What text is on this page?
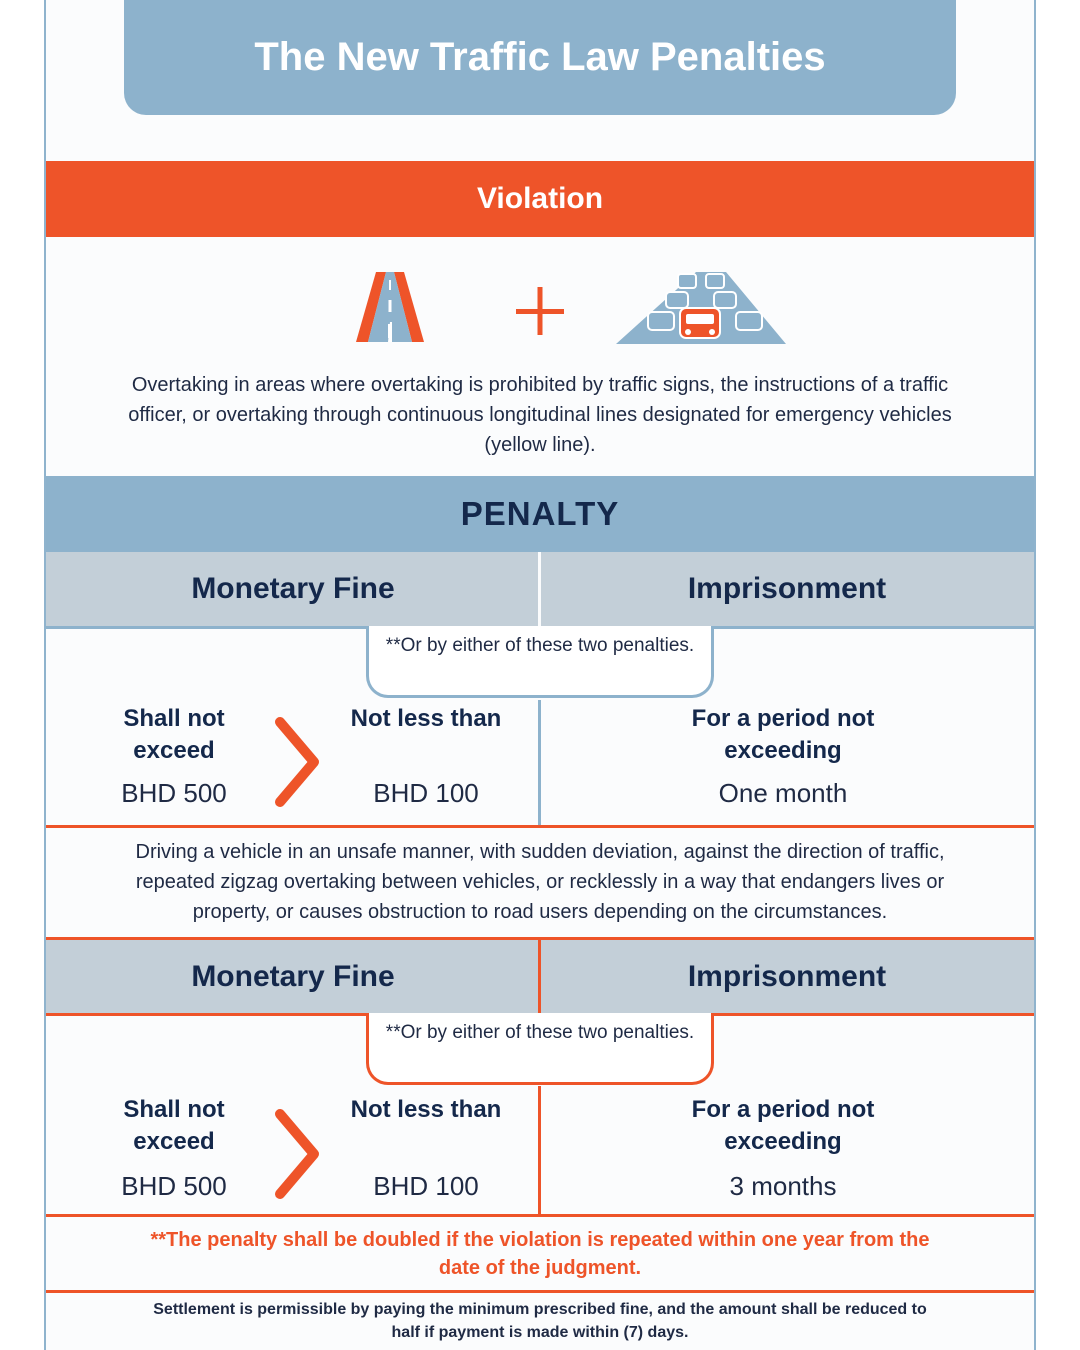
The New Traffic Law Penalties
Violation
Overtaking in areas where overtaking is prohibited by traffic signs, the instructions of a traffic officer, or overtaking through continuous longitudinal lines designated for emergency vehicles (yellow line).
PENALTY
Monetary Fine	Imprisonment
**Or by either of these two penalties.
Shall not exceed
BHD 500
Not less than
BHD 100
For a period not exceeding
One month
Driving a vehicle in an unsafe manner, with sudden deviation, against the direction of traffic, repeated zigzag overtaking between vehicles, or recklessly in a way that endangers lives or property, or causes obstruction to road users depending on the circumstances.
Monetary Fine	Imprisonment
**Or by either of these two penalties.
Shall not exceed
BHD 500
Not less than
BHD 100
For a period not exceeding
3 months
**The penalty shall be doubled if the violation is repeated within one year from the date of the judgment.
Settlement is permissible by paying the minimum prescribed fine, and the amount shall be reduced to half if payment is made within (7) days.
